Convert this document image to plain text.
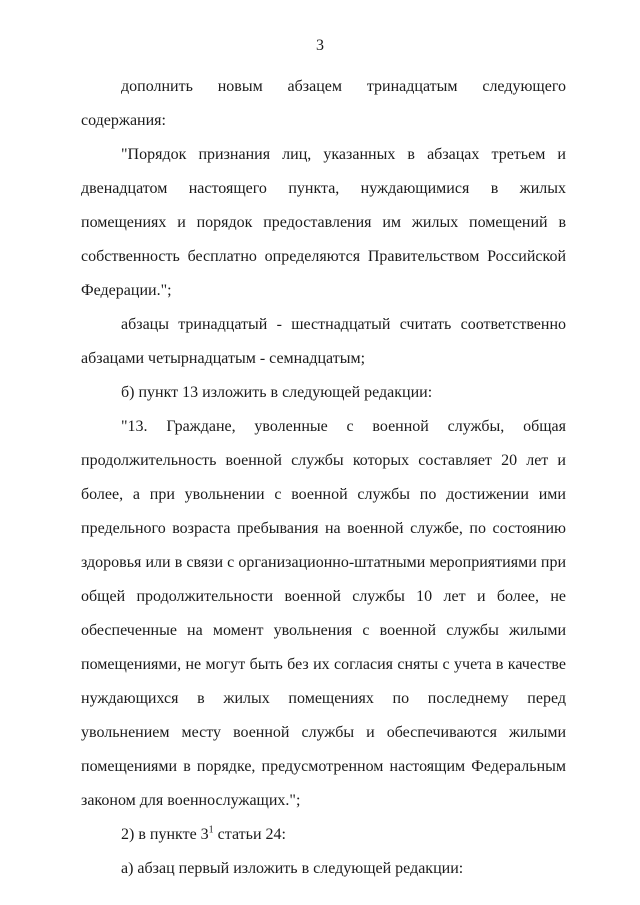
3

дополнить новым абзацем тринадцатым следующего содержания:

"Порядок признания лиц, указанных в абзацах третьем и

двенадцатом настоящего пункта, нуждающимися в жилых помещениях и порядок предоставления им жилых помещений в собственность бесплатно определяются Правительством Российской Федерации.";

абзацы тринадцатый - шестнадцатый считать соответственно абзацами четырнадцатым - семнадцатым;

б) пункт 13 изложить в следующей редакции:

"13. Граждане, уволенные с военной службы, общая продолжительность военной службы которых составляет 20 лет и более, а при увольнении с военной службы по достижении ими предельного возраста пребывания на военной службе, по состоянию здоровья или в связи с организационно-штатными мероприятиями при общей продолжительности военной службы 10 лет и более, не обеспеченные на момент увольнения с военной службы жилыми помещениями, не могут быть без их согласия сняты с учета в качестве нуждающихся в жилых помещениях по последнему перед увольнением месту военной службы и обеспечиваются жилыми помещениями в порядке, предусмотренном настоящим Федеральным законом для военнослужащих.";

2) в пункте $3^1$ статьи 24:

а) абзац первый изложить в следующей редакции:
